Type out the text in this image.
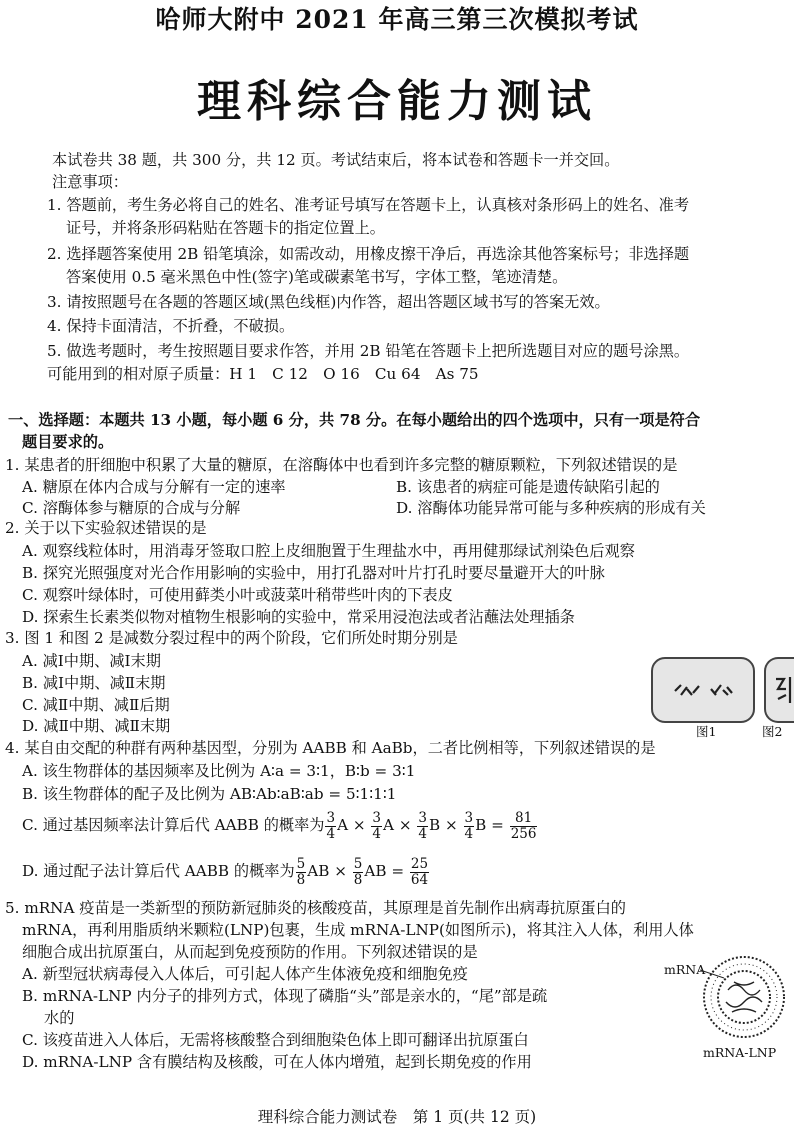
哈师大附中 2021 年高三第三次模拟考试
理科综合能力测试
本试卷共 38 题，共 300 分，共 12 页。考试结束后，将本试卷和答题卡一并交回。
注意事项：
1. 答题前，考生务必将自己的姓名、准考证号填写在答题卡上，认真核对条形码上的姓名、准考
证号，并将条形码粘贴在答题卡的指定位置上。
2. 选择题答案使用 2B 铅笔填涂，如需改动，用橡皮擦干净后，再选涂其他答案标号；非选择题
答案使用 0.5 毫米黑色中性(签字)笔或碳素笔书写，字体工整，笔迹清楚。
3. 请按照题号在各题的答题区域(黑色线框)内作答，超出答题区域书写的答案无效。
4. 保持卡面清洁，不折叠，不破损。
5. 做选考题时，考生按照题目要求作答，并用 2B 铅笔在答题卡上把所选题目对应的题号涂黑。
可能用到的相对原子质量：H 1　C 12　O 16　Cu 64　As 75
一、选择题：本题共 13 小题，每小题 6 分，共 78 分。在每小题给出的四个选项中，只有一项是符合
题目要求的。
1. 某患者的肝细胞中积累了大量的糖原，在溶酶体中也看到许多完整的糖原颗粒，下列叙述错误的是
A. 糖原在体内合成与分解有一定的速率	B. 该患者的病症可能是遗传缺陷引起的
C. 溶酶体参与糖原的合成与分解	D. 溶酶体功能异常可能与多种疾病的形成有关
2. 关于以下实验叙述错误的是
A. 观察线粒体时，用消毒牙签取口腔上皮细胞置于生理盐水中，再用健那绿试剂染色后观察
B. 探究光照强度对光合作用影响的实验中，用打孔器对叶片打孔时要尽量避开大的叶脉
C. 观察叶绿体时，可使用藓类小叶或菠菜叶稍带些叶肉的下表皮
D. 探索生长素类似物对植物生根影响的实验中，常采用浸泡法或者沾蘸法处理插条
3. 图 1 和图 2 是减数分裂过程中的两个阶段，它们所处时期分别是
A. 减Ⅰ中期、减Ⅰ末期
B. 减Ⅰ中期、减Ⅱ末期
C. 减Ⅱ中期、减Ⅱ后期
D. 减Ⅱ中期、减Ⅱ末期	图1	图2
4. 某自由交配的种群有两种基因型，分别为 AABB 和 AaBb，二者比例相等，下列叙述错误的是
A. 该生物群体的基因频率及比例为 A∶a = 3∶1，B∶b = 3∶1
B. 该生物群体的配子及比例为 AB∶Ab∶aB∶ab = 5∶1∶1∶1
C. 通过基因频率法计算后代 AABB 的概率为 $\frac{3}{4}$ $A \times \frac{3}{4}$ $A \times \frac{3}{4}$ $B \times \frac{3}{4}$ $B = \frac{81}{256}$
D. 通过配子法计算后代 AABB 的概率为 $\frac{5}{8}$ AB × $\frac{5}{8}$ AB = $\frac{25}{64}$
5. mRNA 疫苗是一类新型的预防新冠肺炎的核酸疫苗，其原理是首先制作出病毒抗原蛋白的
mRNA，再利用脂质纳米颗粒(LNP)包裹，生成 mRNA-LNP(如图所示)，将其注入人体，利用人体
细胞合成出抗原蛋白，从而起到免疫预防的作用。下列叙述错误的是
A. 新型冠状病毒侵入人体后，可引起人体产生体液免疫和细胞免疫
B. mRNA-LNP 内分子的排列方式，体现了磷脂“头”部是亲水的，“尾”部是疏
水的
C. 该疫苗进入人体后，无需将核酸整合到细胞染色体上即可翻译出抗原蛋白
D. mRNA-LNP 含有膜结构及核酸，可在人体内增殖，起到长期免疫的作用
mRNA
mRNA-LNP
理科综合能力测试卷　第 1 页(共 12 页)
